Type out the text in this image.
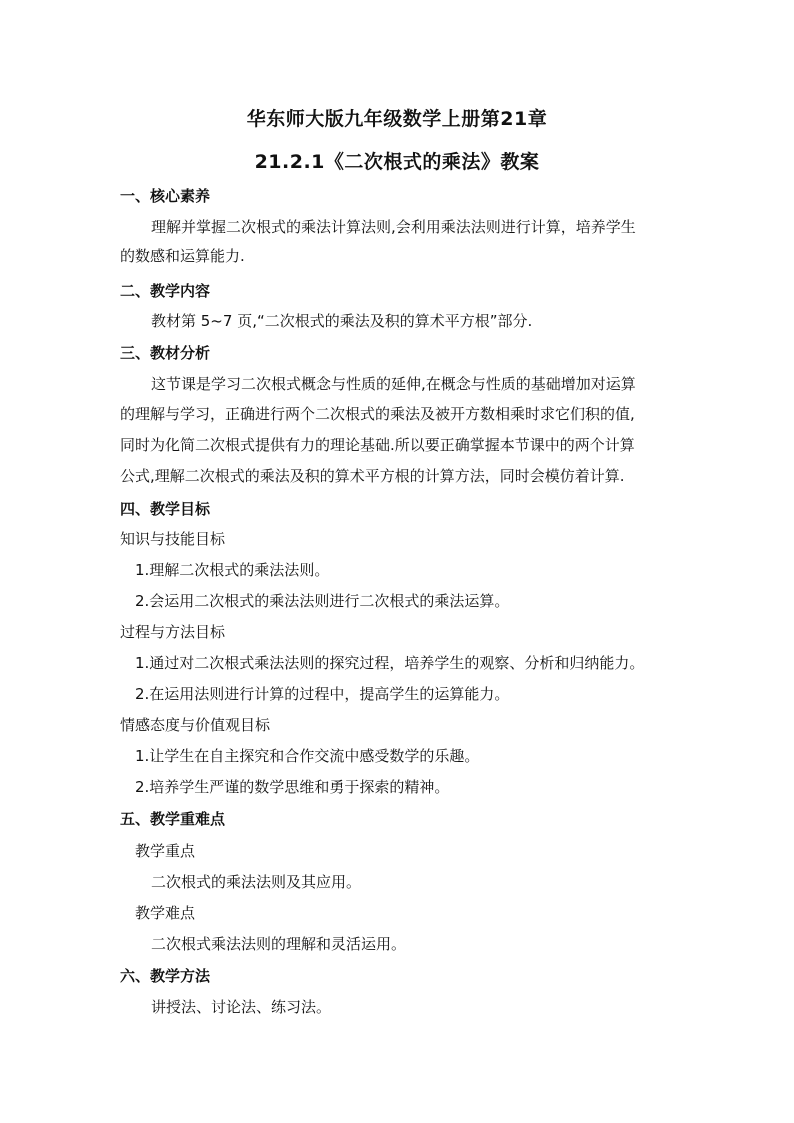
华东师大版九年级数学上册第21章
21.2.1《二次根式的乘法》教案
一、核心素养
理解并掌握二次根式的乘法计算法则,会利用乘法法则进行计算，培养学生
的数感和运算能力.
二、教学内容
教材第 5~7 页,“二次根式的乘法及积的算术平方根”部分.
三、教材分析
这节课是学习二次根式概念与性质的延伸,在概念与性质的基础增加对运算
的理解与学习，正确进行两个二次根式的乘法及被开方数相乘时求它们积的值,
同时为化简二次根式提供有力的理论基础.所以要正确掌握本节课中的两个计算
公式,理解二次根式的乘法及积的算术平方根的计算方法，同时会模仿着计算.
四、教学目标
知识与技能目标
1.理解二次根式的乘法法则。
2.会运用二次根式的乘法法则进行二次根式的乘法运算。
过程与方法目标
1.通过对二次根式乘法法则的探究过程，培养学生的观察、分析和归纳能力。
2.在运用法则进行计算的过程中，提高学生的运算能力。
情感态度与价值观目标
1.让学生在自主探究和合作交流中感受数学的乐趣。
2.培养学生严谨的数学思维和勇于探索的精神。
五、教学重难点
教学重点
二次根式的乘法法则及其应用。
教学难点
二次根式乘法法则的理解和灵活运用。
六、教学方法
讲授法、讨论法、练习法。
